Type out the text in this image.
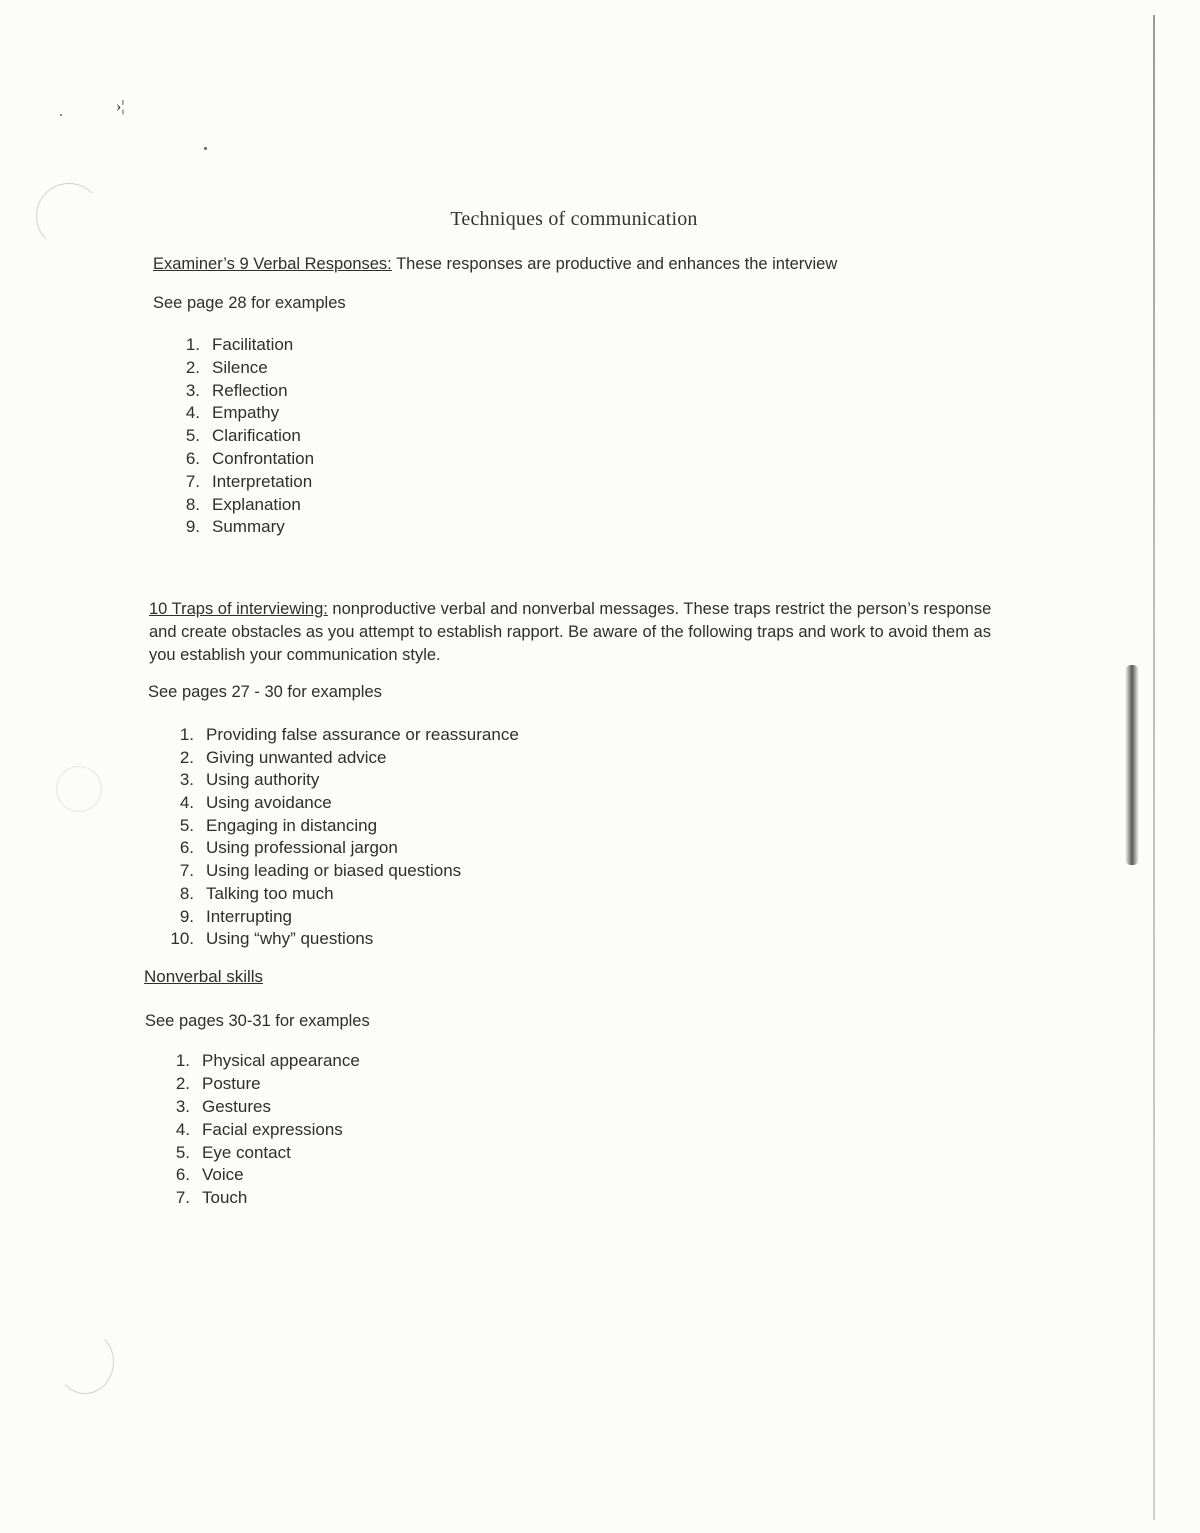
›¦
Techniques of communication
Examiner’s 9 Verbal Responses: These responses are productive and enhances the interview
See page 28 for examples
1. Facilitation
2. Silence
3. Reflection
4. Empathy
5. Clarification
6. Confrontation
7. Interpretation
8. Explanation
9. Summary
10 Traps of interviewing: nonproductive verbal and nonverbal messages. These traps restrict the person’s response and create obstacles as you attempt to establish rapport. Be aware of the following traps and work to avoid them as you establish your communication style.
See pages 27 - 30 for examples
1. Providing false assurance or reassurance
2. Giving unwanted advice
3. Using authority
4. Using avoidance
5. Engaging in distancing
6. Using professional jargon
7. Using leading or biased questions
8. Talking too much
9. Interrupting
10. Using “why” questions
Nonverbal skills
See pages 30-31 for examples
1. Physical appearance
2. Posture
3. Gestures
4. Facial expressions
5. Eye contact
6. Voice
7. Touch
